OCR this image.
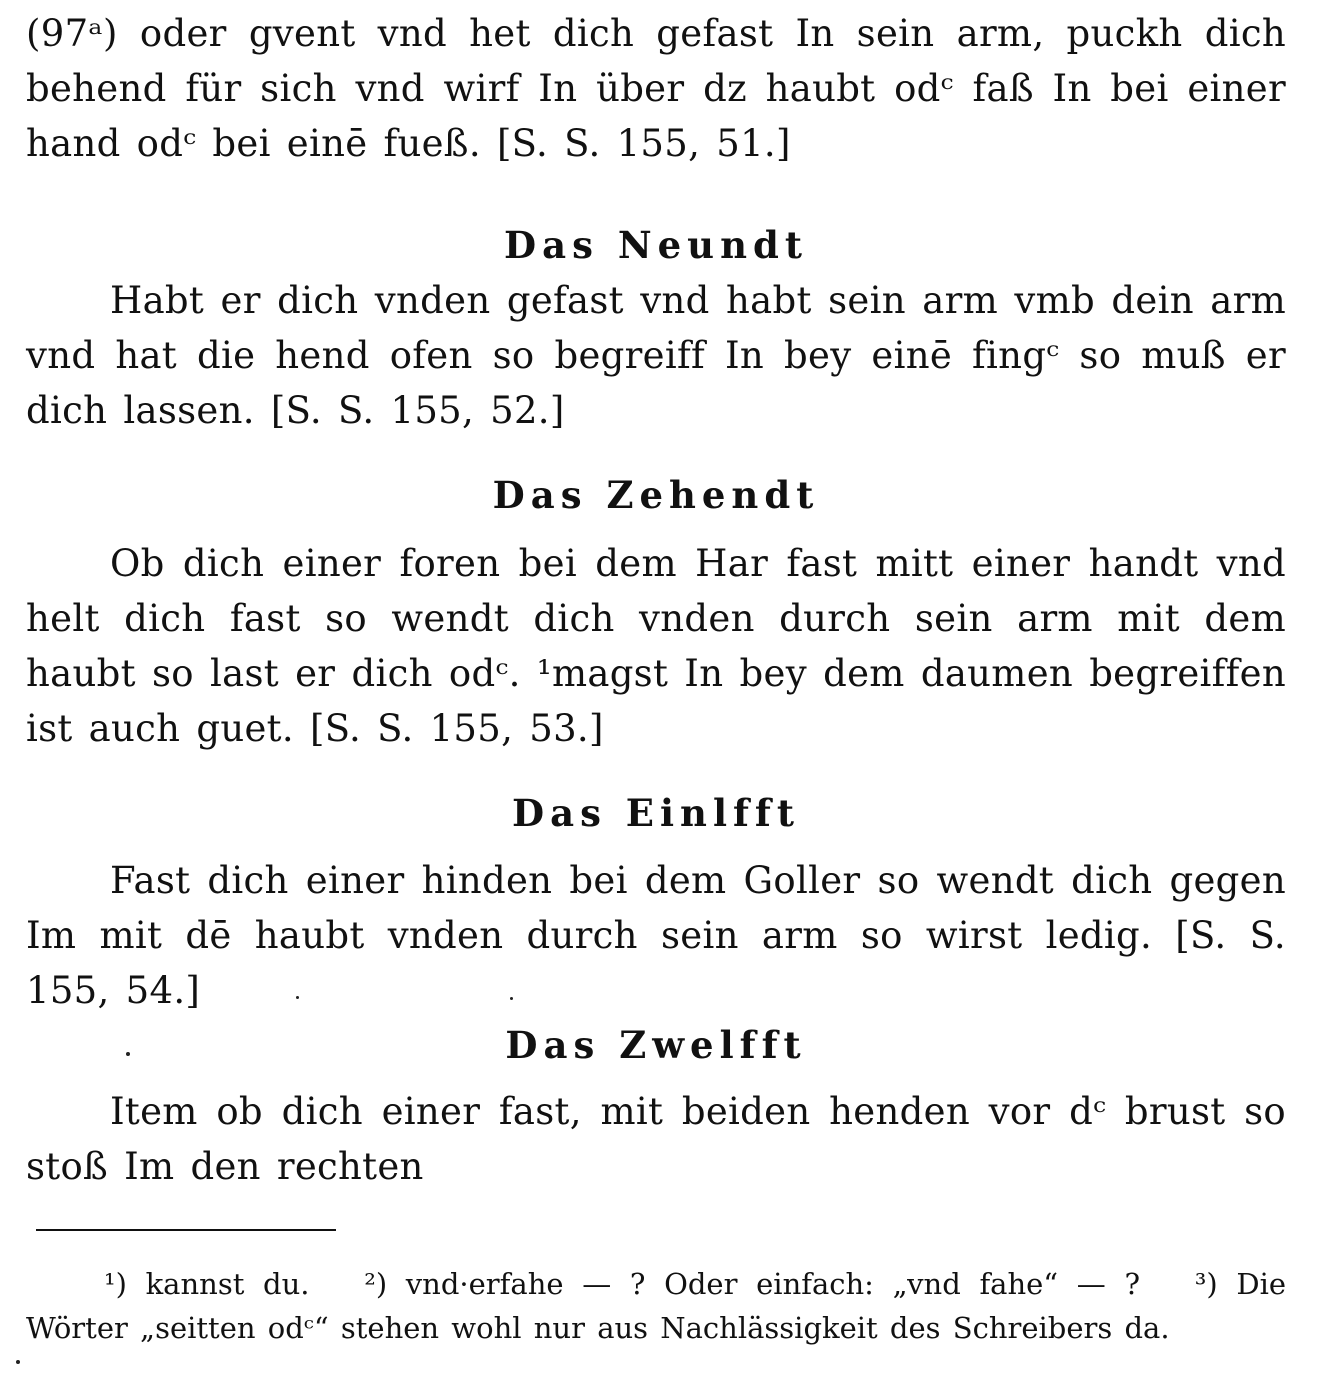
(97ᵃ) oder gvent vnd het dich gefast In sein arm, puckh dich behend für sich vnd wirf In über dz haubt odᶜ faß In bei einer hand odᶜ bei einē fueß. [S. S. 155, 51.]

Das Neundt

Habt er dich vnden gefast vnd habt sein arm vmb dein arm vnd hat die hend ofen so begreiff In bey einē fingᶜ so muß er dich lassen. [S. S. 155, 52.]

Das Zehendt

Ob dich einer foren bei dem Har fast mitt einer handt vnd helt dich fast so wendt dich vnden durch sein arm mit dem haubt so last er dich odᶜ. ¹magst In bey dem daumen begreiffen ist auch guet. [S. S. 155, 53.]

Das Einlfft

Fast dich einer hinden bei dem Goller so wendt dich gegen Im mit dē haubt vnden durch sein arm so wirst ledig. [S. S. 155, 54.]

Das Zwelfft

Item ob dich einer fast, mit beiden henden vor dᶜ brust so stoß Im den rechten

¹) kannst du. ²) vnd·erfahe — ? Oder einfach: „vnd fahe“ — ? ³) Die Wörter „seitten odᶜ“ stehen wohl nur aus Nachlässigkeit des Schreibers da.
